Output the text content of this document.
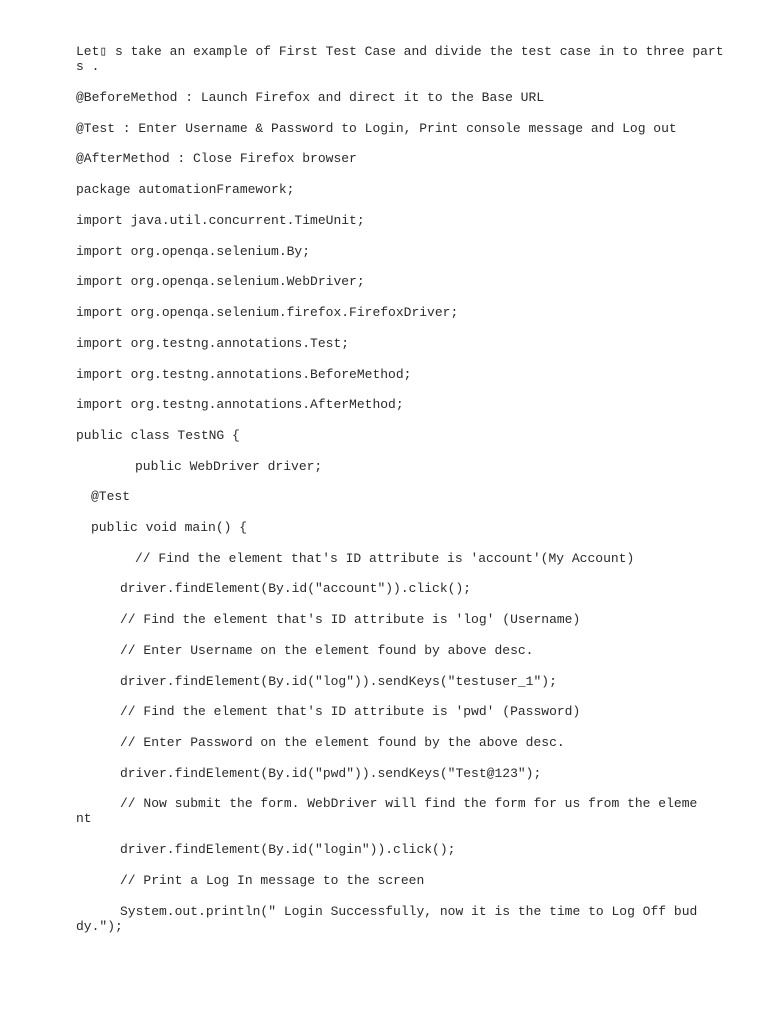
Let▯ s take an example of First Test Case and divide the test case in to three part

s .

@BeforeMethod : Launch Firefox and direct it to the Base URL

@Test : Enter Username & Password to Login, Print console message and Log out

@AfterMethod : Close Firefox browser

package automationFramework;

import java.util.concurrent.TimeUnit;

import org.openqa.selenium.By;

import org.openqa.selenium.WebDriver;

import org.openqa.selenium.firefox.FirefoxDriver;

import org.testng.annotations.Test;

import org.testng.annotations.BeforeMethod;

import org.testng.annotations.AfterMethod;

public class TestNG {

public WebDriver driver;

@Test

public void main() {

// Find the element that's ID attribute is 'account'(My Account)

driver.findElement(By.id("account")).click();

// Find the element that's ID attribute is 'log' (Username)

// Enter Username on the element found by above desc.

driver.findElement(By.id("log")).sendKeys("testuser_1");

// Find the element that's ID attribute is 'pwd' (Password)

// Enter Password on the element found by the above desc.

driver.findElement(By.id("pwd")).sendKeys("Test@123");

// Now submit the form. WebDriver will find the form for us from the eleme

nt

driver.findElement(By.id("login")).click();

// Print a Log In message to the screen

System.out.println(" Login Successfully, now it is the time to Log Off bud

dy.");
